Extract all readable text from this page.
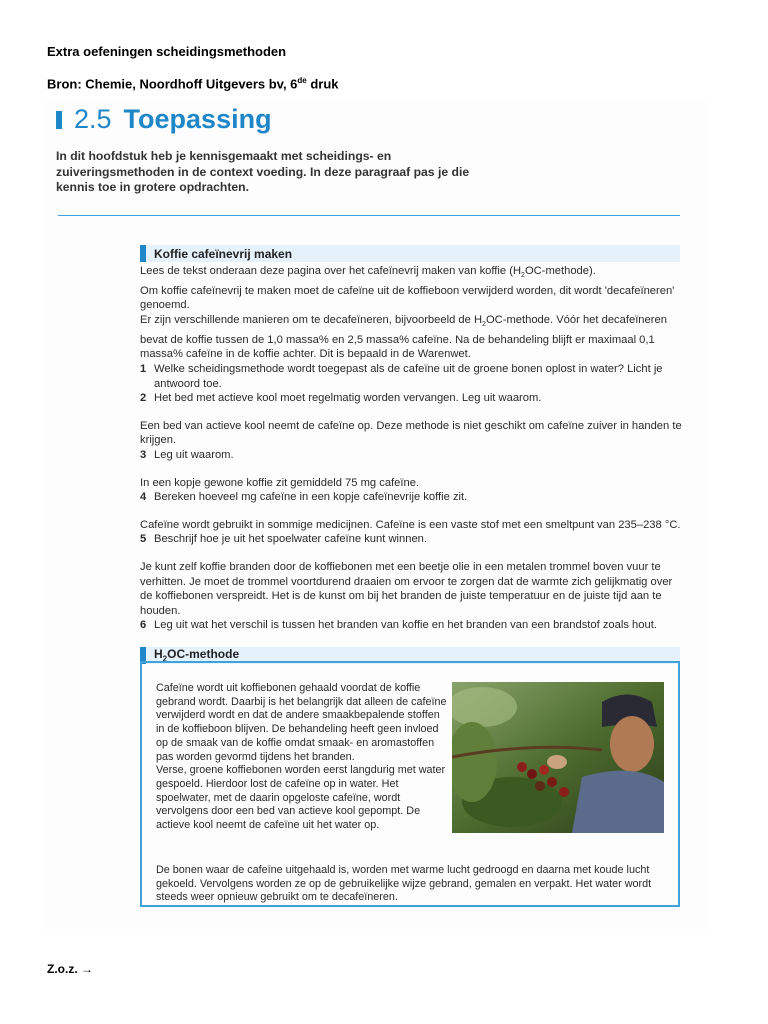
Extra oefeningen scheidingsmethoden
Bron: Chemie, Noordhoff Uitgevers bv, 6de druk
2.5 Toepassing
In dit hoofdstuk heb je kennisgemaakt met scheidings- en zuiveringsmethoden in de context voeding. In deze paragraaf pas je die kennis toe in grotere opdrachten.
Koffie cafeïnevrij maken

Lees de tekst onderaan deze pagina over het cafeïnevrij maken van koffie $(H_2OC-methode)$.

Om koffie cafeïnevrij te maken moet de cafeïne uit de koffieboon verwijderd worden, dit wordt 'decafeïneren' genoemd.

Er zijn verschillende manieren om te decafeïneren, bijvoorbeeld de $H_2OC$-methode. Vóór het decafeïneren bevat de koffie tussen de 1,0 massa% en 2,5 massa% cafeïne. Na de behandeling blijft er maximaal 0,1 massa% cafeïne in de koffie achter. Dit is bepaald in de Warenwet.

1 Welke scheidingsmethode wordt toegepast als de cafeïne uit de groene bonen oplost in water? Licht je antwoord toe.
2 Het bed met actieve kool moet regelmatig worden vervangen. Leg uit waarom.

Een bed van actieve kool neemt de cafeïne op. Deze methode is niet geschikt om cafeïne zuiver in handen te krijgen.

3 Leg uit waarom.

In een kopje gewone koffie zit gemiddeld 75 mg cafeïne.

4 Bereken hoeveel mg cafeïne in een kopje cafeïnevrije koffie zit.

Cafeïne wordt gebruikt in sommige medicijnen. Cafeïne is een vaste stof met een smeltpunt van 235–238 °C.

5 Beschrijf hoe je uit het spoelwater cafeïne kunt winnen.

Je kunt zelf koffie branden door de koffiebonen met een beetje olie in een metalen trommel boven vuur te verhitten. Je moet de trommel voortdurend draaien om ervoor te zorgen dat de warmte zich gelijkmatig over de koffiebonen verspreidt. Het is de kunst om bij het branden de juiste temperatuur en de juiste tijd aan te houden.

6 Leg uit wat het verschil is tussen het branden van koffie en het branden van een brandstof zoals hout.
$H_2OC$-methode

Cafeïne wordt uit koffiebonen gehaald voordat de koffie gebrand wordt. Daarbij is het belangrijk dat alleen de cafeïne verwijderd wordt en dat de andere smaakbepalende stoffen in de koffieboon blijven. De behandeling heeft geen invloed op de smaak van de koffie omdat smaak- en aromastoffen pas worden gevormd tijdens het branden.

Verse, groene koffiebonen worden eerst langdurig met water gespoeld. Hierdoor lost de cafeïne op in water. Het spoelwater, met de daarin opgeloste cafeïne, wordt vervolgens door een bed van actieve kool gepompt. De actieve kool neemt de cafeïne uit het water op.

De bonen waar de cafeïne uitgehaald is, worden met warme lucht gedroogd en daarna met koude lucht gekoeld. Vervolgens worden ze op de gebruikelijke wijze gebrand, gemalen en verpakt. Het water wordt steeds weer opnieuw gebruikt om te decafeïneren.

Z.o.z. →
